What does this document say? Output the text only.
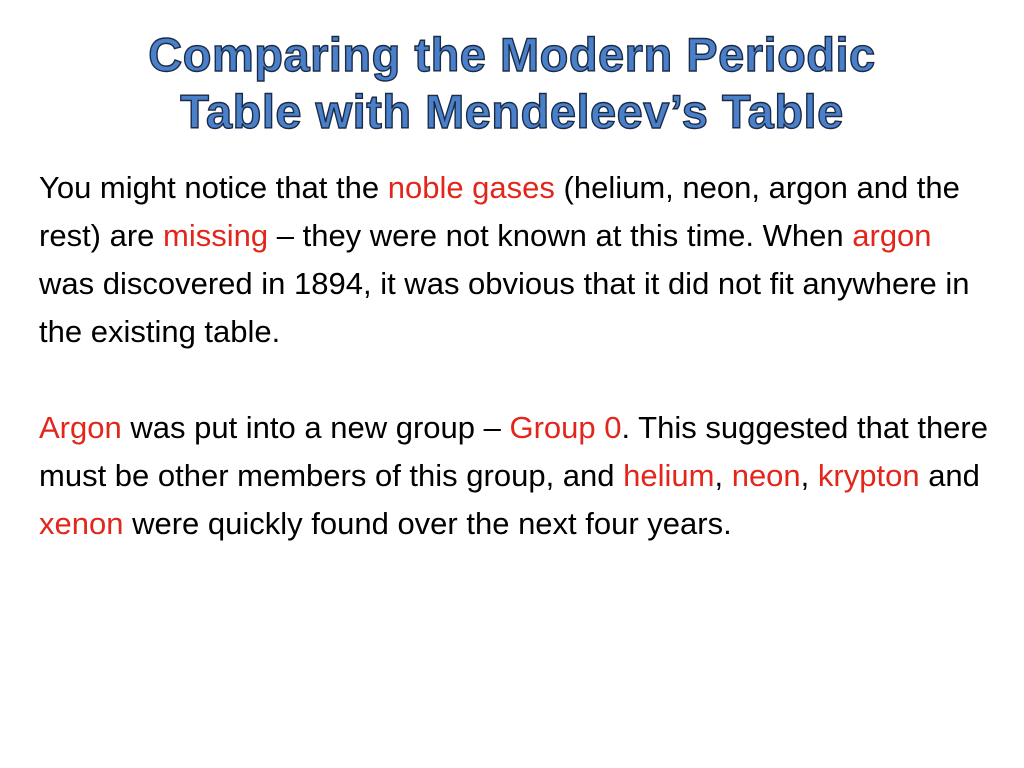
Comparing the Modern Periodic
Table with Mendeleev’s Table

You might notice that the noble gases (helium, neon, argon and the rest) are missing – they were not known at this time. When argon was discovered in 1894, it was obvious that it did not fit anywhere in the existing table.

Argon was put into a new group – Group 0. This suggested that there must be other members of this group, and helium, neon, krypton and xenon were quickly found over the next four years.
